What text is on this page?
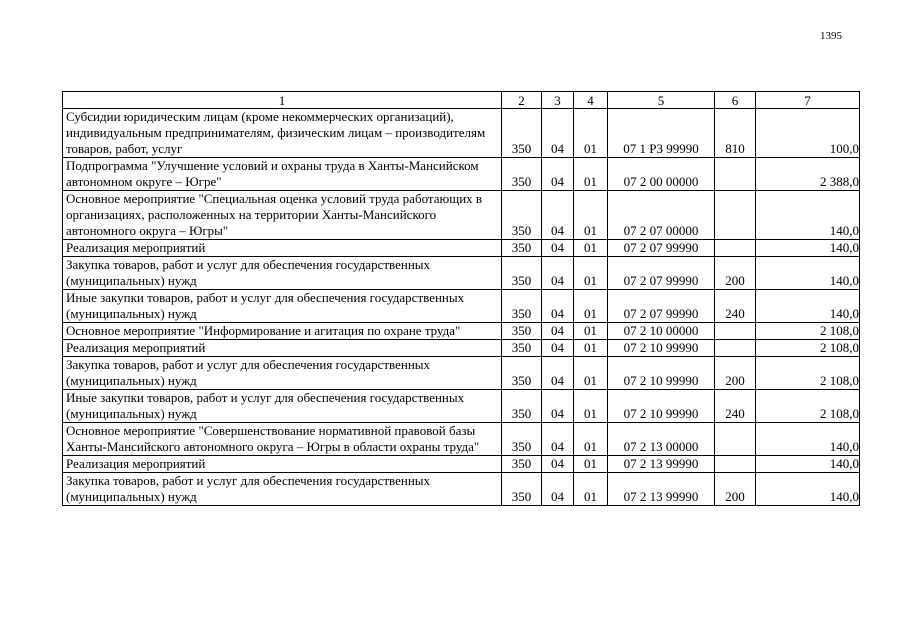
1395
1	2	3	4	5	6	7
Субсидии юридическим лицам (кроме некоммерческих организаций), индивидуальным предпринимателям, физическим лицам – производителям товаров, работ, услуг	350	04	01	07 1 P3 99990	810	100,0
Подпрограмма "Улучшение условий и охраны труда в Ханты-Мансийском автономном округе – Югре"	350	04	01	07 2 00 00000		2 388,0
Основное мероприятие "Специальная оценка условий труда работающих в организациях, расположенных на территории Ханты-Мансийского автономного округа – Югры"	350	04	01	07 2 07 00000		140,0
Реализация мероприятий	350	04	01	07 2 07 99990		140,0
Закупка товаров, работ и услуг для обеспечения государственных (муниципальных) нужд	350	04	01	07 2 07 99990	200	140,0
Иные закупки товаров, работ и услуг для обеспечения государственных (муниципальных) нужд	350	04	01	07 2 07 99990	240	140,0
Основное мероприятие "Информирование и агитация по охране труда"	350	04	01	07 2 10 00000		2 108,0
Реализация мероприятий	350	04	01	07 2 10 99990		2 108,0
Закупка товаров, работ и услуг для обеспечения государственных (муниципальных) нужд	350	04	01	07 2 10 99990	200	2 108,0
Иные закупки товаров, работ и услуг для обеспечения государственных (муниципальных) нужд	350	04	01	07 2 10 99990	240	2 108,0
Основное мероприятие "Совершенствование нормативной правовой базы Ханты-Мансийского автономного округа – Югры в области охраны труда"	350	04	01	07 2 13 00000		140,0
Реализация мероприятий	350	04	01	07 2 13 99990		140,0
Закупка товаров, работ и услуг для обеспечения государственных (муниципальных) нужд	350	04	01	07 2 13 99990	200	140,0
